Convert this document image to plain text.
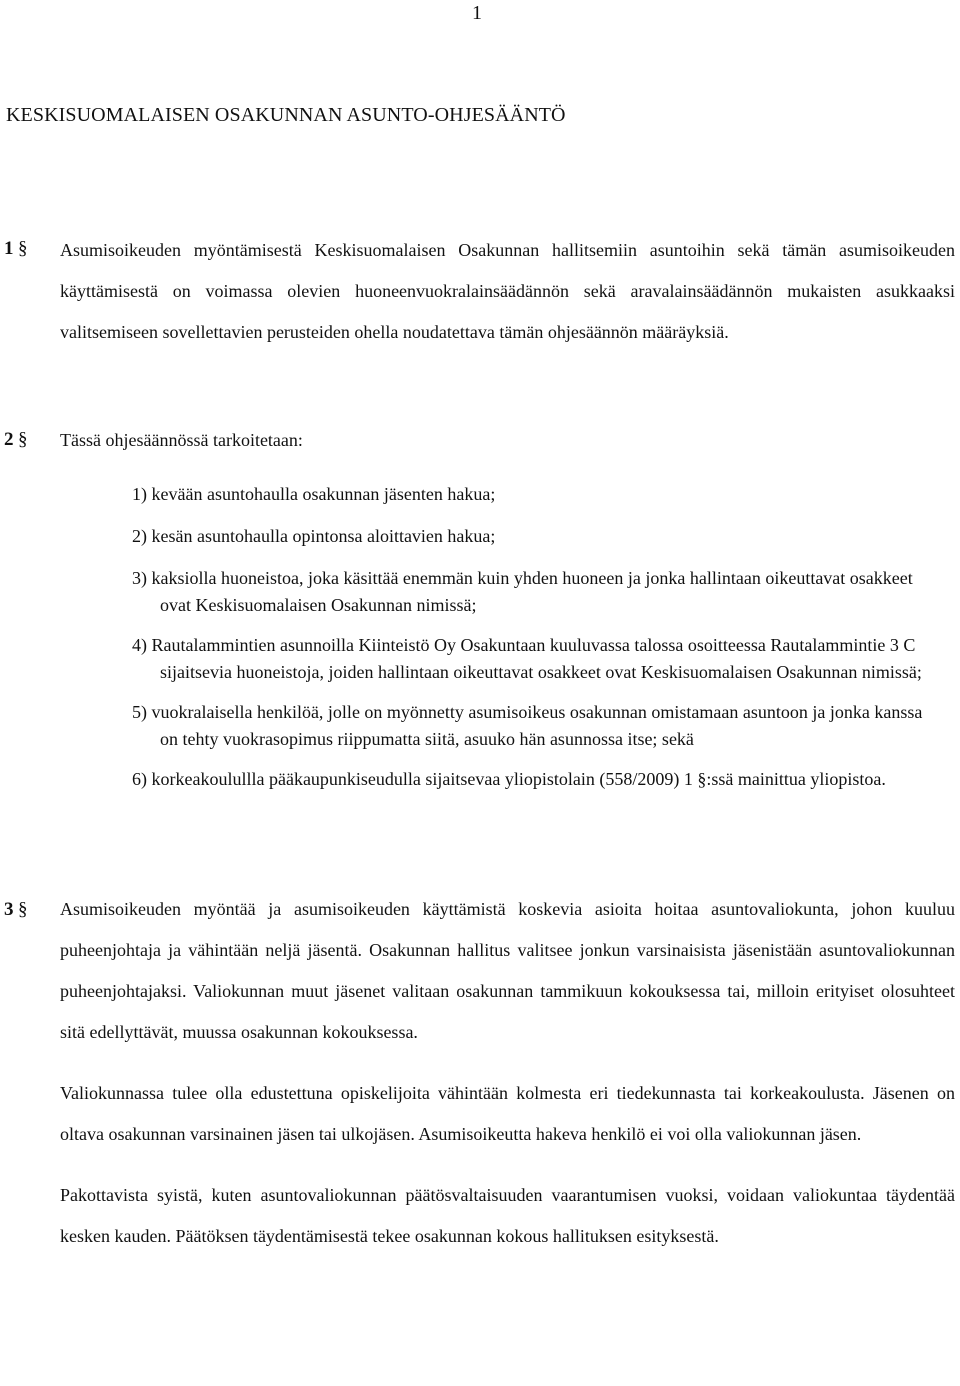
1
KESKISUOMALAISEN OSAKUNNAN ASUNTO-OHJESÄÄNTÖ
1 § Asumisoikeuden myöntämisestä Keskisuomalaisen Osakunnan hallitsemiin asuntoihin sekä tämän asumisoikeuden käyttämisestä on voimassa olevien huoneenvuokralainsäädännön sekä aravalainsäädännön mukaisten asukkaaksi valitsemiseen sovellettavien perusteiden ohella noudatettava tämän ohjesäännön määräyksiä.

2 § Tässä ohjesäännössä tarkoitetaan:

1) kevään asuntohaulla osakunnan jäsenten hakua;

2) kesän asuntohaulla opintonsa aloittavien hakua;

3) kaksiolla huoneistoa, joka käsittää enemmän kuin yhden huoneen ja jonka hallintaan oikeuttavat osakkeet ovat Keskisuomalaisen Osakunnan nimissä;

4) Rautalammintien asunnoilla Kiinteistö Oy Osakuntaan kuuluvassa talossa osoitteessa Rautalammintie 3 C sijaitsevia huoneistoja, joiden hallintaan oikeuttavat osakkeet ovat Keskisuomalaisen Osakunnan nimissä;

5) vuokralaisella henkilöä, jolle on myönnetty asumisoikeus osakunnan omistamaan asuntoon ja jonka kanssa on tehty vuokrasopimus riippumatta siitä, asuuko hän asunnossa itse; sekä

6) korkeakoulullla pääkaupunkiseudulla sijaitsevaa yliopistolain (558/2009) 1 §:ssä mainittua yliopistoa.

3 § Asumisoikeuden myöntää ja asumisoikeuden käyttämistä koskevia asioita hoitaa asuntovaliokunta, johon kuuluu puheenjohtaja ja vähintään neljä jäsentä. Osakunnan hallitus valitsee jonkun varsinaisista jäsenistään asuntovaliokunnan puheenjohtajaksi. Valiokunnan muut jäsenet valitaan osakunnan tammikuun kokouksessa tai, milloin erityiset olosuhteet sitä edellyttävät, muussa osakunnan kokouksessa.

Valiokunnassa tulee olla edustettuna opiskelijoita vähintään kolmesta eri tiedekunnasta tai korkeakoulusta. Jäsenen on oltava osakunnan varsinainen jäsen tai ulkojäsen. Asumisoikeutta hakeva henkilö ei voi olla valiokunnan jäsen.

Pakottavista syistä, kuten asuntovaliokunnan päätösvaltaisuuden vaarantumisen vuoksi, voidaan valiokuntaa täydentää kesken kauden. Päätöksen täydentämisestä tekee osakunnan kokous hallituksen esityksestä.
